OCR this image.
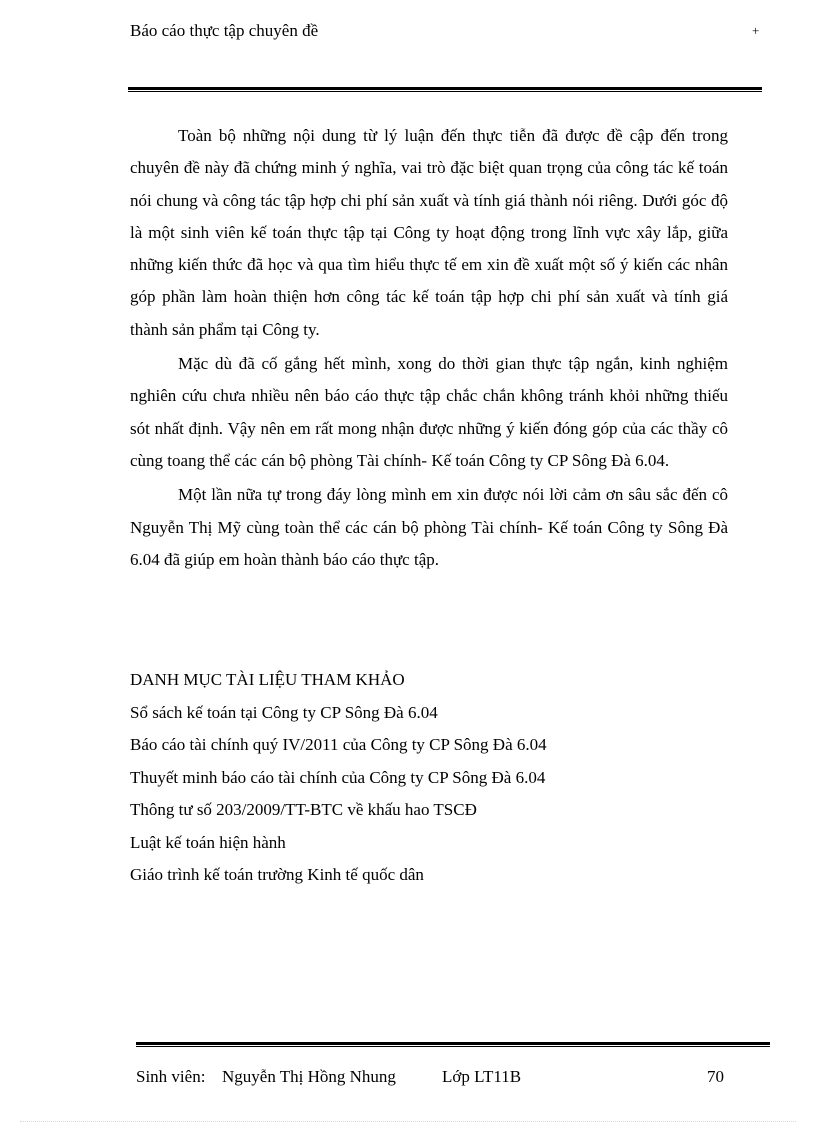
Báo cáo thực tập chuyên đề	+

Toàn bộ những nội dung từ lý luận đến thực tiễn đã được đề cập đến trong chuyên đề này đã chứng minh ý nghĩa, vai trò đặc biệt quan trọng của công tác kế toán nói chung và công tác tập hợp chi phí sản xuất và tính giá thành nói riêng. Dưới góc độ là một sinh viên kế toán thực tập tại Công ty hoạt động trong lĩnh vực xây lắp, giữa những kiến thức đã học và qua tìm hiểu thực tế em xin đề xuất một số ý kiến các nhân góp phần làm hoàn thiện hơn công tác kế toán tập hợp chi phí sản xuất và tính giá thành sản phẩm tại Công ty.

Mặc dù đã cố gắng hết mình, xong do thời gian thực tập ngắn, kinh nghiệm nghiên cứu chưa nhiều nên báo cáo thực tập chắc chắn không tránh khỏi những thiếu sót nhất định. Vậy nên em rất mong nhận được những ý kiến đóng góp của các thầy cô cùng toang thể các cán bộ phòng Tài chính- Kế toán Công ty CP Sông Đà 6.04.

Một lần nữa tự trong đáy lòng mình em xin được nói lời cảm ơn sâu sắc đến cô Nguyễn Thị Mỹ cùng toàn thể các cán bộ phòng Tài chính- Kế toán Công ty Sông Đà 6.04 đã giúp em hoàn thành báo cáo thực tập.

DANH MỤC TÀI LIỆU THAM KHẢO

Sổ sách kế toán tại Công ty CP Sông Đà 6.04

Báo cáo tài chính quý IV/2011 của Công ty CP Sông Đà 6.04

Thuyết minh báo cáo tài chính của Công ty CP Sông Đà 6.04

Thông tư số 203/2009/TT-BTC về khấu hao TSCĐ

Luật kế toán hiện hành

Giáo trình kế toán trường Kinh tế quốc dân

Sinh viên: Nguyễn Thị Hồng Nhung	Lớp LT11B	70
